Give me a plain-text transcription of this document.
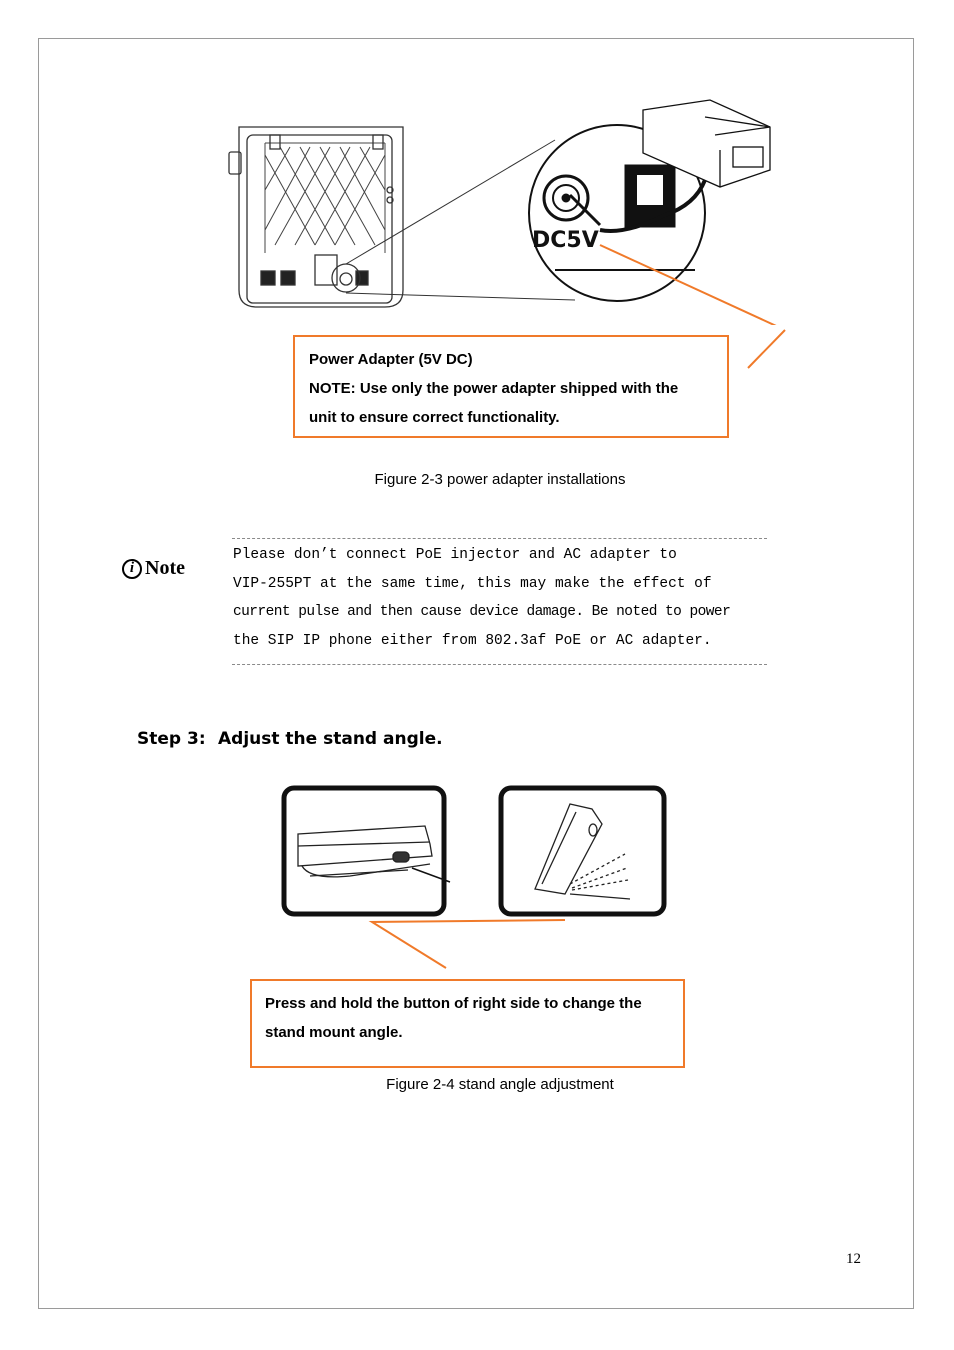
DC5V
Power Adapter (5V DC)
NOTE: Use only the power adapter shipped with the
unit to ensure correct functionality.
Figure 2-3 power adapter installations
i Note
Please don’t connect PoE injector and AC adapter to
VIP-255PT at the same time, this may make the effect of
current pulse and then cause device damage. Be noted to power
the SIP IP phone either from 802.3af PoE or AC adapter.
Step 3: Adjust the stand angle.
Press and hold the button of right side to change the
stand mount angle.
Figure 2-4 stand angle adjustment
12
